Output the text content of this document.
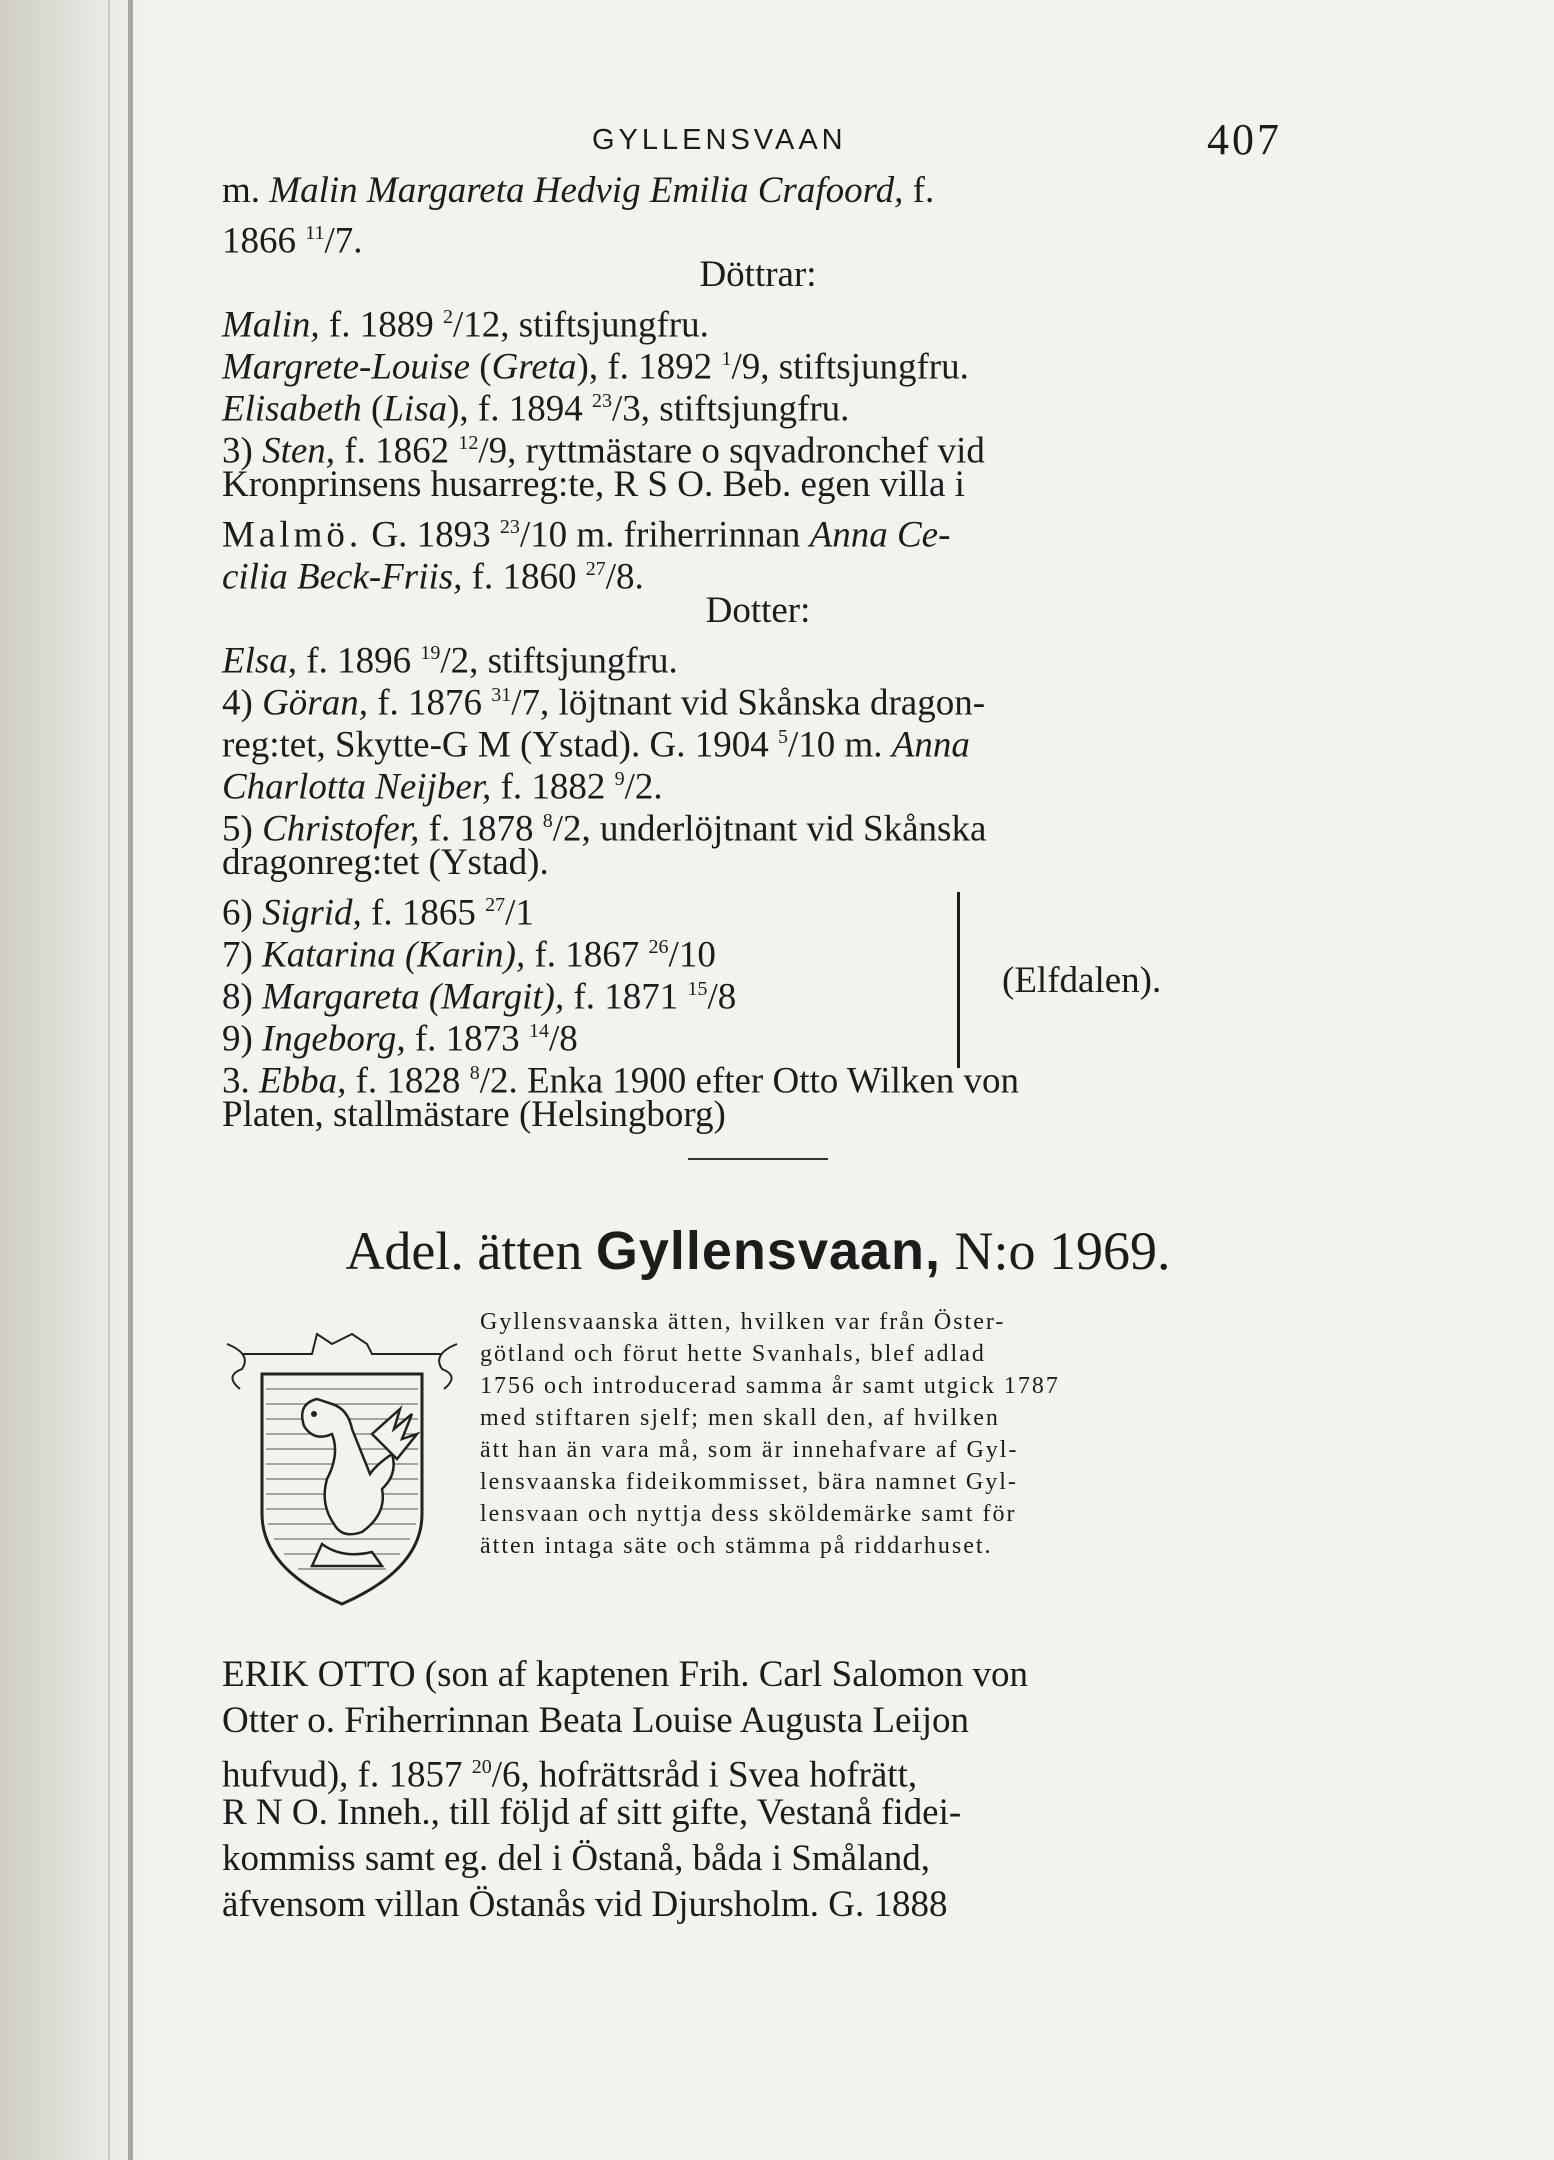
GYLLENSVAAN	407
m. Malin Margareta Hedvig Emilia Crafoord, f.
1866 $^{11}$/7.
Döttrar:
Malin, f. 1889 $^2$/12, stiftsjungfru.
Margrete-Louise (Greta), f. 1892 $^1$/9, stiftsjungfru.
Elisabeth (Lisa), f. 1894 $^{23}$/3, stiftsjungfru.
3) Sten, f. 1862 $^{12}$/9, ryttmästare o sqvadronchef vid
Kronprinsens husarreg:te, R S O. Beb. egen villa i
Malmö. G. 1893 $^{23}$/10 m. friherrinnan Anna Ce-
cilia Beck-Friis, f. 1860 $^{27}$/8.
Dotter:
Elsa, f. 1896 $^{19}$/2, stiftsjungfru.
4) Göran, f. 1876 $^{31}$/7, löjtnant vid Skånska dragon-
reg:tet, Skytte-G M (Ystad). G. 1904 $^5$/10 m. Anna
Charlotta Neijber, f. 1882 $^9$/2.
5) Christofer, f. 1878 $^8$/2, underlöjtnant vid Skånska
dragonreg:tet (Ystad).
6) Sigrid, f. 1865 $^{27}$/1
7) Katarina (Karin), f. 1867 $^{26}$/10
8) Margareta (Margit), f. 1871 $^{15}$/8
9) Ingeborg, f. 1873 $^{14}$/8
(Elfdalen).
3. Ebba, f. 1828 $^8$/2. Enka 1900 efter Otto Wilken von
Platen, stallmästare (Helsingborg)
Adel. ätten Gyllensvaan, N:o 1969.
Gyllensvaanska ätten, hvilken var från Öster-
götland och förut hette Svanhals, blef adlad
1756 och introducerad samma år samt utgick 1787
med stiftaren sjelf; men skall den, af hvilken
ätt han än vara må, som är innehafvare af Gyl-
lensvaanska fideikommisset, bära namnet Gyl-
lensvaan och nyttja dess sköldemärke samt för
ätten intaga säte och stämma på riddarhuset.
ERIK OTTO (son af kaptenen Frih. Carl Salomon von
Otter o. Friherrinnan Beata Louise Augusta Leijon
hufvud), f. 1857 $^{20}$/6, hofrättsråd i Svea hofrätt,
R N O. Inneh., till följd af sitt gifte, Vestanå fidei-
kommiss samt eg. del i Östanå, båda i Småland,
äfvensom villan Östanås vid Djursholm. G. 1888
